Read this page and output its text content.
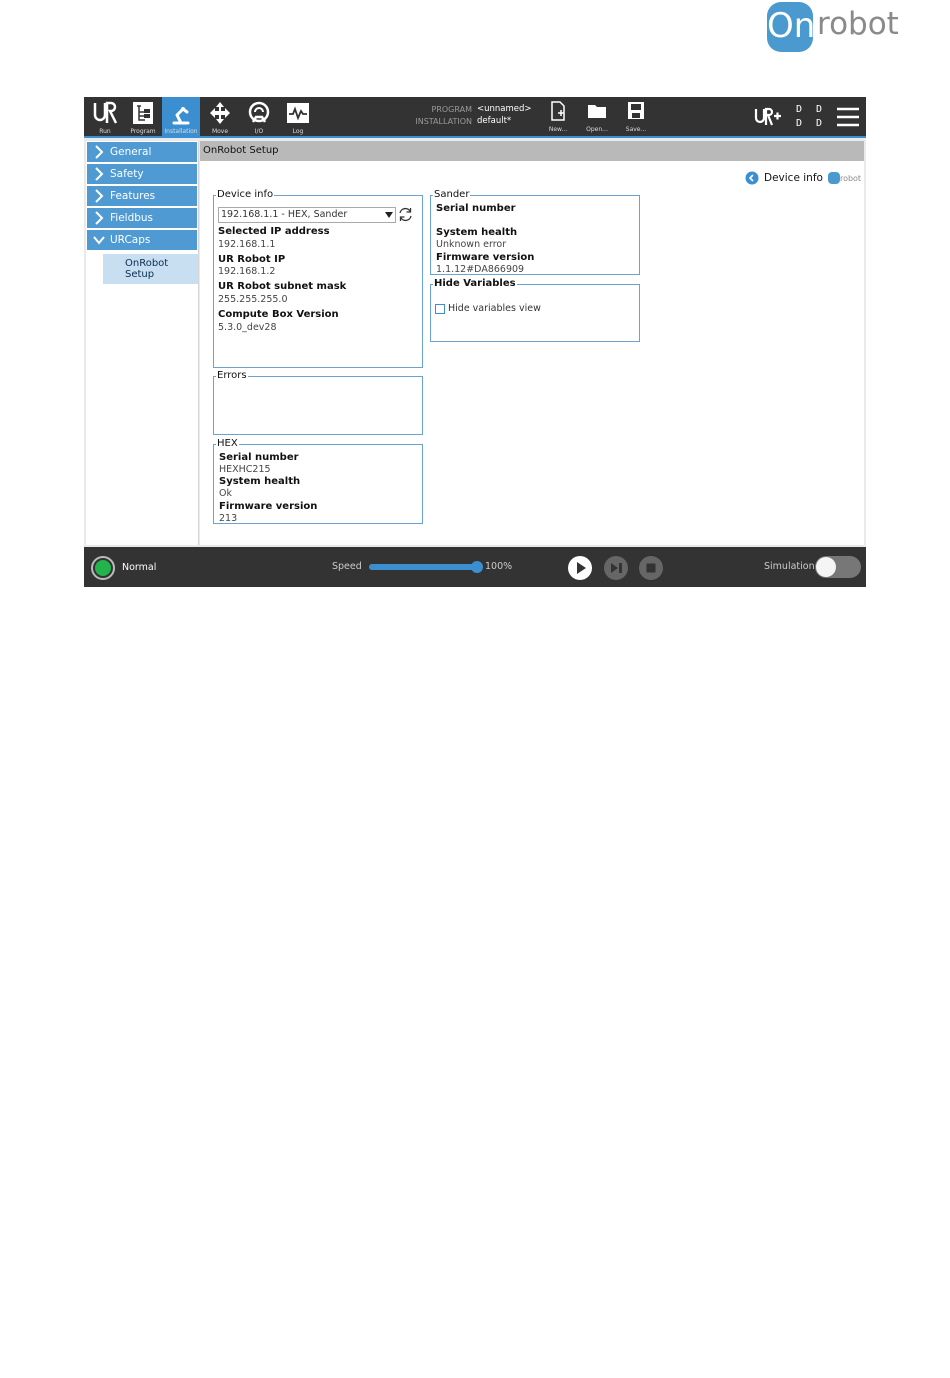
On robot
Run	Program	Installation	Move	I/O	Log
PROGRAM <unnamed>
INSTALLATION default*
New...	Open...	Save...
D D
D D
General
Safety
Features
Fieldbus
URCaps
OnRobot
Setup
OnRobot Setup
Device info robot
Device info
192.168.1.1 - HEX, Sander
Selected IP address
192.168.1.1
UR Robot IP
192.168.1.2
UR Robot subnet mask
255.255.255.0
Compute Box Version
5.3.0_dev28
Errors
HEX
Serial number
HEXHC215
System health
Ok
Firmware version
213
Sander
Serial number
System health
Unknown error
Firmware version
1.1.12#DA866909
Hide Variables
Hide variables view
Normal	Speed	100%	Simulation
